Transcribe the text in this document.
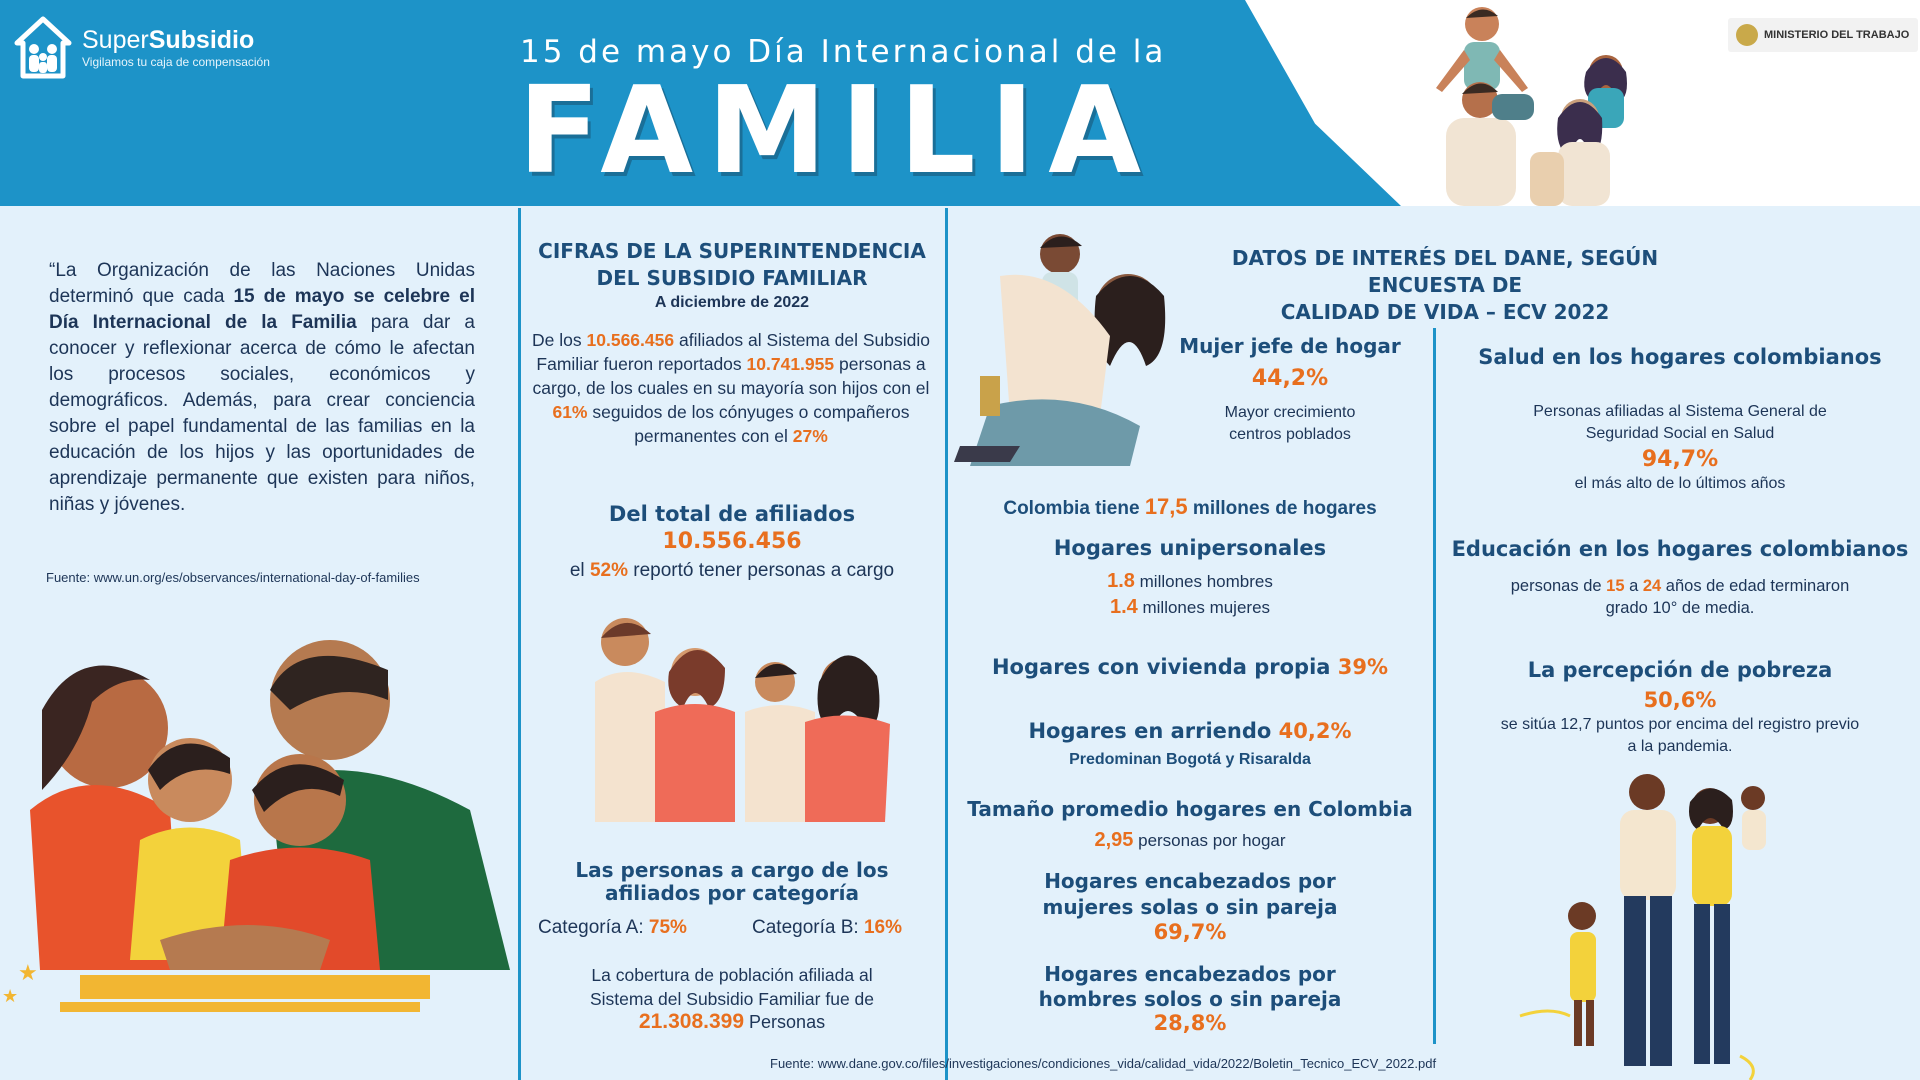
SuperSubsidio
Vigilamos tu caja de compensación	15 de mayo Día Internacional de la
FAMILIA
MINISTERIO DEL TRABAJO
“La Organización de las Naciones Unidas determinó que cada 15 de mayo se celebre el Día Internacional de la Familia para dar a conocer y reflexionar acerca de cómo le afectan los procesos sociales, económicos y demográficos. Además, para crear conciencia sobre el papel fundamental de las familias en la educación de los hijos y las oportunidades de aprendizaje permanente que existen para niños, niñas y jóvenes.
Fuente: www.un.org/es/observances/international-day-of-families
★
★
CIFRAS DE LA SUPERINTENDENCIA
DEL SUBSIDIO FAMILIAR
A diciembre de 2022
De los 10.566.456 afiliados al Sistema del Subsidio Familiar fueron reportados 10.741.955 personas a cargo, de los cuales en su mayoría son hijos con el 61% seguidos de los cónyuges o compañeros permanentes con el 27%
Del total de afiliados
10.556.456
el 52% reportó tener personas a cargo
Las personas a cargo de los
afiliados por categoría
Categoría A: 75%	Categoría B: 16%
La cobertura de población afiliada al
Sistema del Subsidio Familiar fue de
21.308.399 Personas
DATOS DE INTERÉS DEL DANE, SEGÚN ENCUESTA DE
CALIDAD DE VIDA – ECV 2022
Mujer jefe de hogar
44,2%
Mayor crecimiento
centros poblados
Colombia tiene 17,5 millones de hogares
Hogares unipersonales
1.8 millones hombres
1.4 millones mujeres
Hogares con vivienda propia 39%
Hogares en arriendo 40,2%
Predominan Bogotá y Risaralda
Tamaño promedio hogares en Colombia
2,95 personas por hogar
Hogares encabezados por
mujeres solas o sin pareja
69,7%
Hogares encabezados por
hombres solos o sin pareja
28,8%
Salud en los hogares colombianos
Personas afiliadas al Sistema General de
Seguridad Social en Salud
94,7%
el más alto de lo últimos años
Educación en los hogares colombianos
personas de 15 a 24 años de edad terminaron
grado 10° de media.
La percepción de pobreza
50,6%
se sitúa 12,7 puntos por encima del registro previo
a la pandemia.
Fuente: www.dane.gov.co/files/investigaciones/condiciones_vida/calidad_vida/2022/Boletin_Tecnico_ECV_2022.pdf
